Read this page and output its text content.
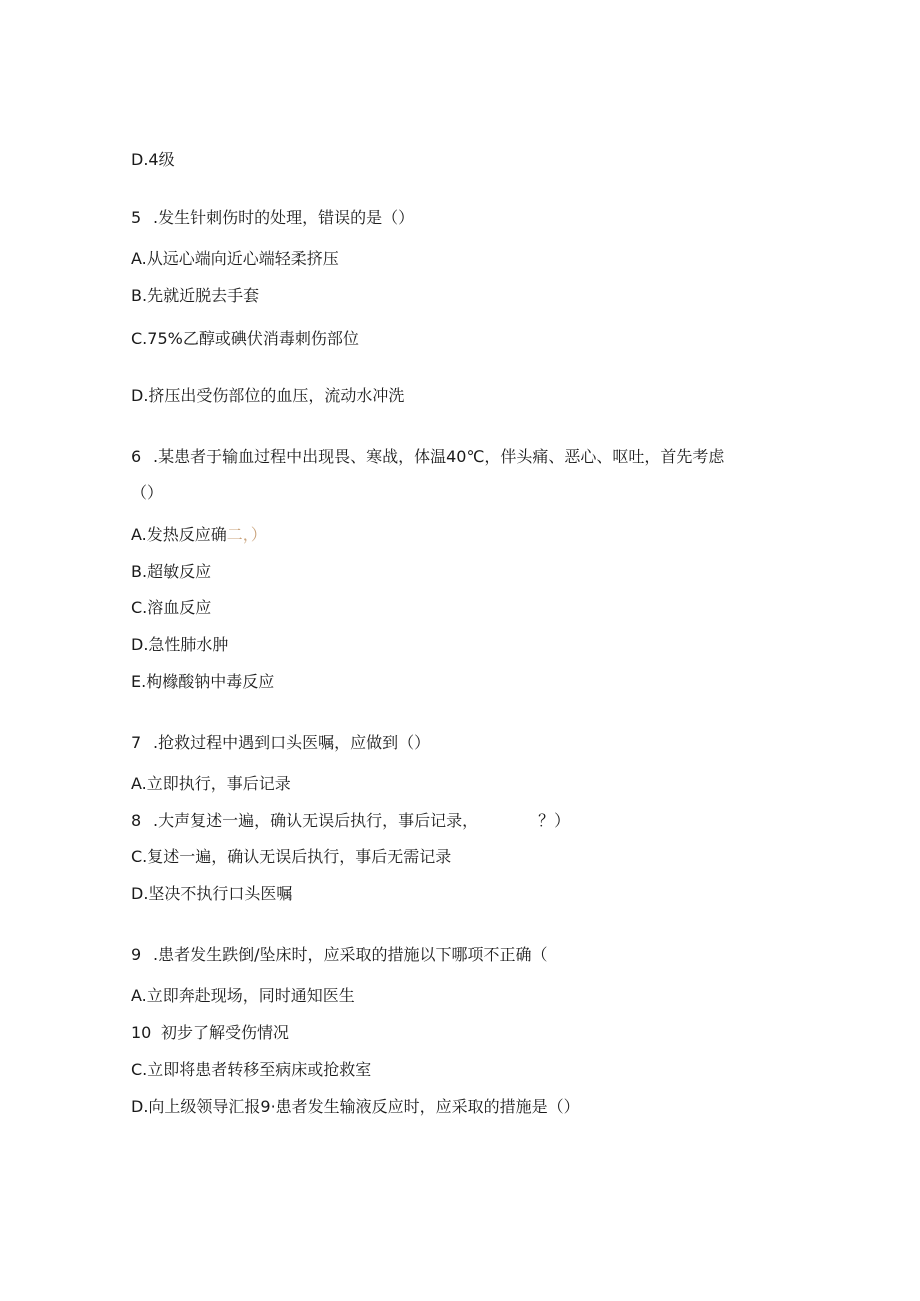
D.4级
5 .发生针刺伤时的处理，错误的是（）
A.从远心端向近心端轻柔挤压
B.先就近脱去手套
C.75%乙醇或碘伏消毒刺伤部位
D.挤压出受伤部位的血压，流动水冲洗
6 .某患者于输血过程中出现畏、寒战，体温40℃，伴头痛、恶心、呕吐，首先考虑
（）
A.发热反应确二，）
B.超敏反应
C.溶血反应
D.急性肺水肿
E.枸橼酸钠中毒反应
7 .抢救过程中遇到口头医嘱，应做到（）
A.立即执行，事后记录
8 .大声复述一遍，确认无误后执行，事后记录，	？）
C.复述一遍，确认无误后执行，事后无需记录
D.坚决不执行口头医嘱
9 .患者发生跌倒/坠床时，应采取的措施以下哪项不正确（
A.立即奔赴现场，同时通知医生
10 初步了解受伤情况
C.立即将患者转移至病床或抢救室
D.向上级领导汇报9·患者发生输液反应时，应采取的措施是（）
